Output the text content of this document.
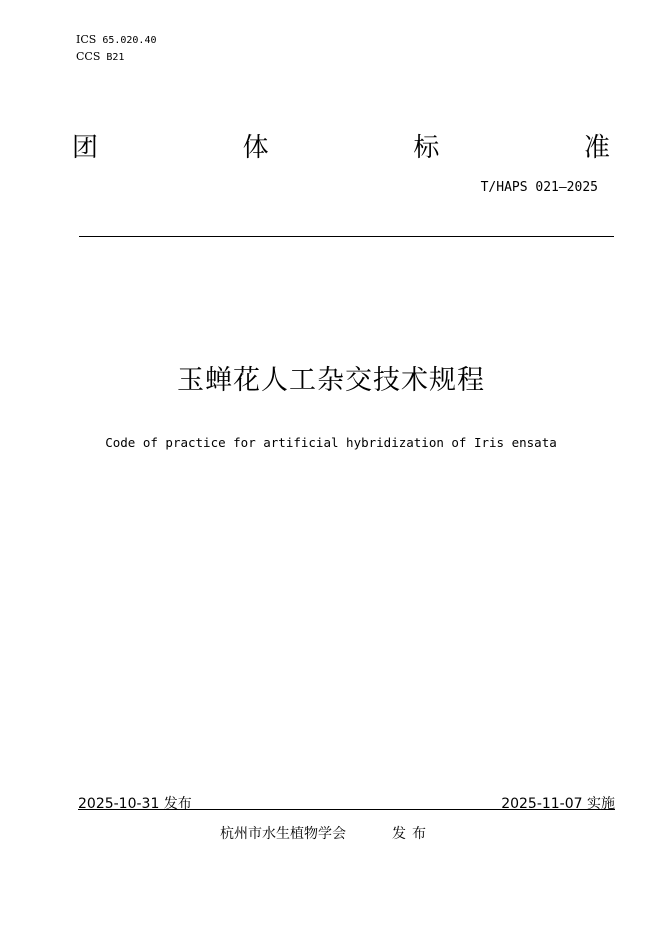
ICS 65.020.40
CCS B21
团	体	标	准
T/HAPS 021—2025
玉蝉花人工杂交技术规程
Code of practice for artificial hybridization of Iris ensata
2025-10-31 发布	2025-11-07 实施
杭州市水生植物学会	发布
